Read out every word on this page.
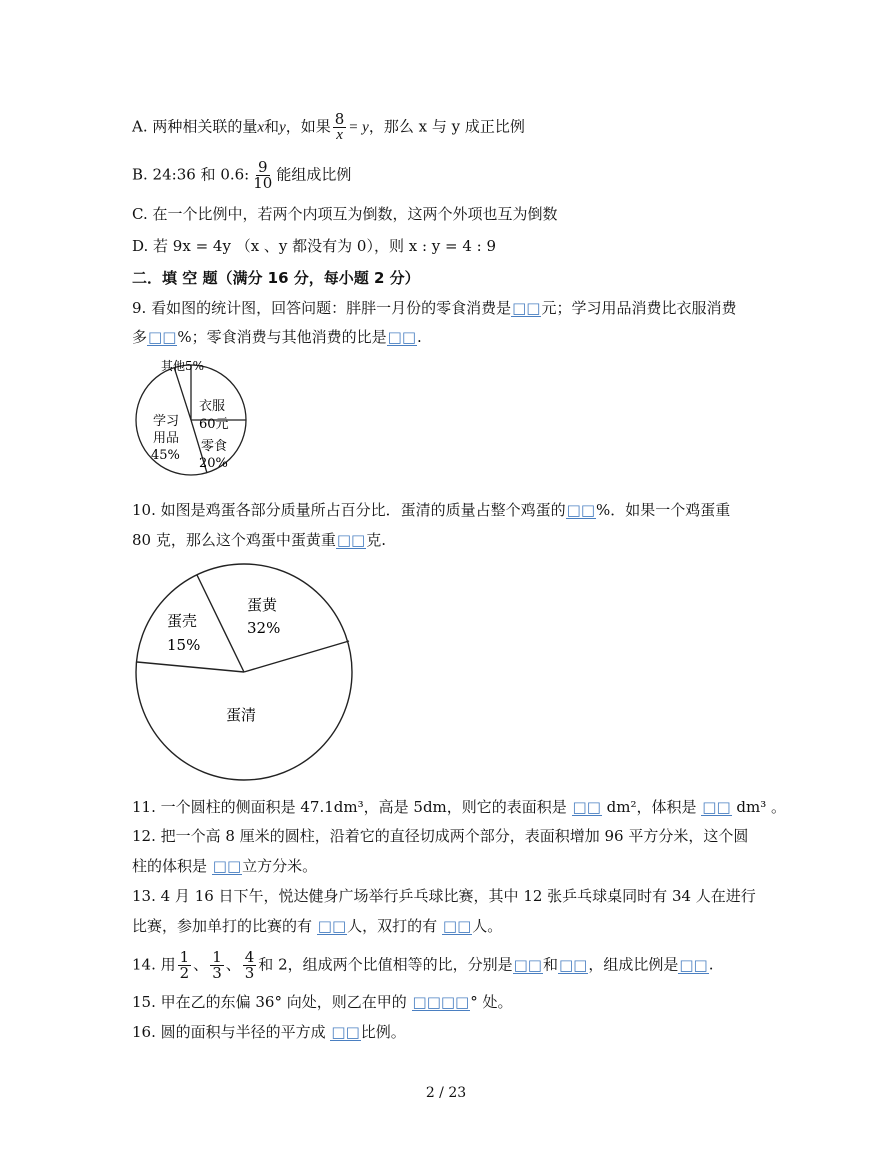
A. 两种相关联的量x和y，如果 $\frac{8}{x} = y$，那么 x 与 y 成正比例
B. 24:36 和 0.6: $\frac{9}{10}$ 能组成比例
C. 在一个比例中，若两个内项互为倒数，这两个外项也互为倒数
D. 若 9x = 4y （x 、y 都没有为 0），则 x : y = 4 : 9
二．填 空 题（满分 16 分，每小题 2 分）
9. 看如图的统计图，回答问题：胖胖一月份的零食消费是□□元；学习用品消费比衣服消费
多□□%；零食消费与其他消费的比是□□.
其他5%
衣服
60元
学习
用品
45%
零食
20%
10. 如图是鸡蛋各部分质量所占百分比．蛋清的质量占整个鸡蛋的□□%．如果一个鸡蛋重
80 克，那么这个鸡蛋中蛋黄重□□克.
蛋黄
32%
蛋壳
15%
蛋清
11. 一个圆柱的侧面积是 47.1dm³，高是 5dm，则它的表面积是 □□ dm²，体积是 □□ dm³ 。
12. 把一个高 8 厘米的圆柱，沿着它的直径切成两个部分，表面积增加 96 平方分米，这个圆
柱的体积是 □□立方分米。
13. 4 月 16 日下午，悦达健身广场举行乒乓球比赛，其中 12 张乒乓球桌同时有 34 人在进行
比赛，参加单打的比赛的有 □□人，双打的有 □□人。
14. 用 $\frac{1}{2}$ 、 $\frac{1}{3}$ 、 $\frac{4}{3}$ 和 2，组成两个比值相等的比，分别是□□和□□，组成比例是□□.
15. 甲在乙的东偏 36° 向处，则乙在甲的 □□□□° 处。
16. 圆的面积与半径的平方成 □□比例。
2 / 23
